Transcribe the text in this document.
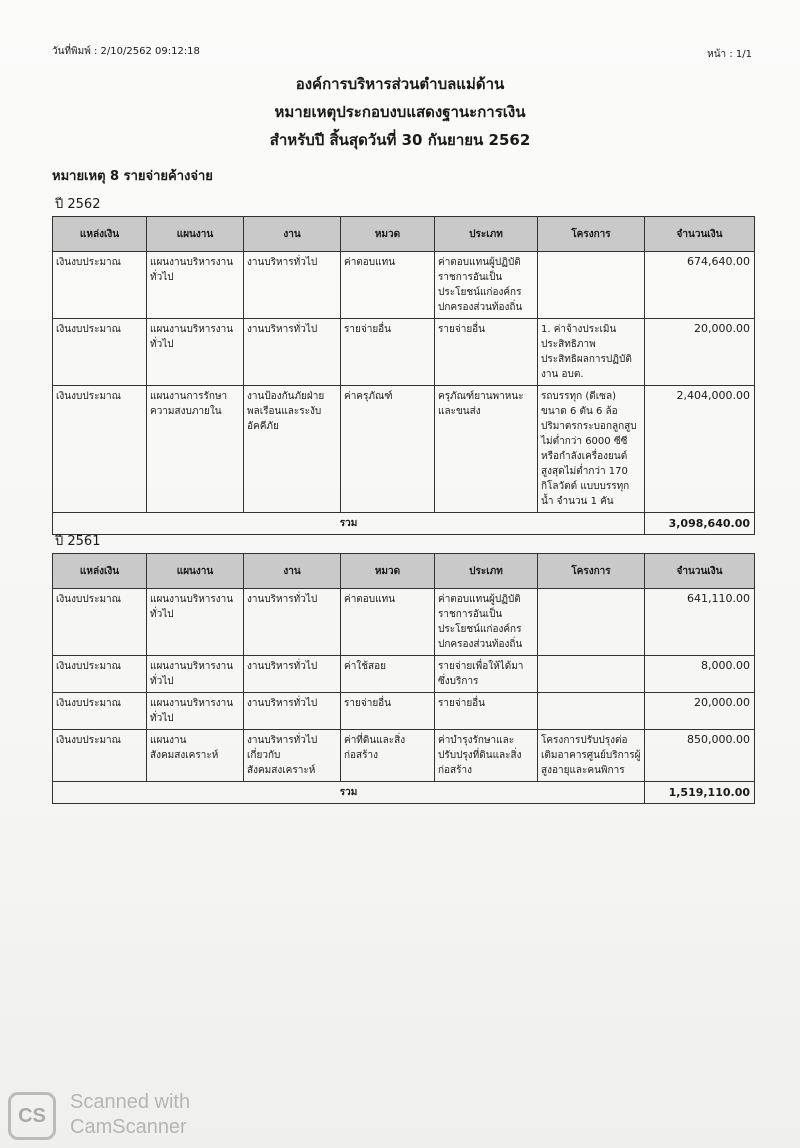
วันที่พิมพ์ : 2/10/2562 09:12:18	หน้า : 1/1
องค์การบริหารส่วนตำบลแม่ด้าน
หมายเหตุประกอบงบแสดงฐานะการเงิน
สำหรับปี สิ้นสุดวันที่ 30 กันยายน 2562
หมายเหตุ 8 รายจ่ายค้างจ่าย
ปี 2562
แหล่งเงิน	แผนงาน	งาน	หมวด	ประเภท	โครงการ	จำนวนเงิน
เงินงบประมาณ	แผนงานบริหารงานทั่วไป	งานบริหารทั่วไป	ค่าตอบแทน	ค่าตอบแทนผู้ปฏิบัติราชการอันเป็นประโยชน์แก่องค์กรปกครองส่วนท้องถิ่น		674,640.00
เงินงบประมาณ	แผนงานบริหารงานทั่วไป	งานบริหารทั่วไป	รายจ่ายอื่น	รายจ่ายอื่น	1. ค่าจ้างประเมินประสิทธิภาพ ประสิทธิผลการปฏิบัติงาน อบต.	20,000.00
เงินงบประมาณ	แผนงานการรักษาความสงบภายใน	งานป้องกันภัยฝ่ายพลเรือนและระงับอัคคีภัย	ค่าครุภัณฑ์	ครุภัณฑ์ยานพาหนะและขนส่ง	รถบรรทุก (ดีเซล) ขนาด 6 ตัน 6 ล้อ ปริมาตรกระบอกลูกสูบไม่ต่ำกว่า 6000 ซีซี หรือกำลังเครื่องยนต์สูงสุดไม่ต่ำกว่า 170 กิโลวัตต์ แบบบรรทุกน้ำ จำนวน 1 คัน	2,404,000.00
รวม						3,098,640.00
ปี 2561
แหล่งเงิน	แผนงาน	งาน	หมวด	ประเภท	โครงการ	จำนวนเงิน
เงินงบประมาณ	แผนงานบริหารงานทั่วไป	งานบริหารทั่วไป	ค่าตอบแทน	ค่าตอบแทนผู้ปฏิบัติราชการอันเป็นประโยชน์แก่องค์กรปกครองส่วนท้องถิ่น		641,110.00
เงินงบประมาณ	แผนงานบริหารงานทั่วไป	งานบริหารทั่วไป	ค่าใช้สอย	รายจ่ายเพื่อให้ได้มาซึ่งบริการ		8,000.00
เงินงบประมาณ	แผนงานบริหารงานทั่วไป	งานบริหารทั่วไป	รายจ่ายอื่น	รายจ่ายอื่น		20,000.00
เงินงบประมาณ	แผนงานสังคมสงเคราะห์	งานบริหารทั่วไปเกี่ยวกับสังคมสงเคราะห์	ค่าที่ดินและสิ่งก่อสร้าง	ค่าบำรุงรักษาและปรับปรุงที่ดินและสิ่งก่อสร้าง	โครงการปรับปรุงต่อเติมอาคารศูนย์บริการผู้สูงอายุและคนพิการ	850,000.00
รวม						1,519,110.00
CS
Scanned with
CamScanner
